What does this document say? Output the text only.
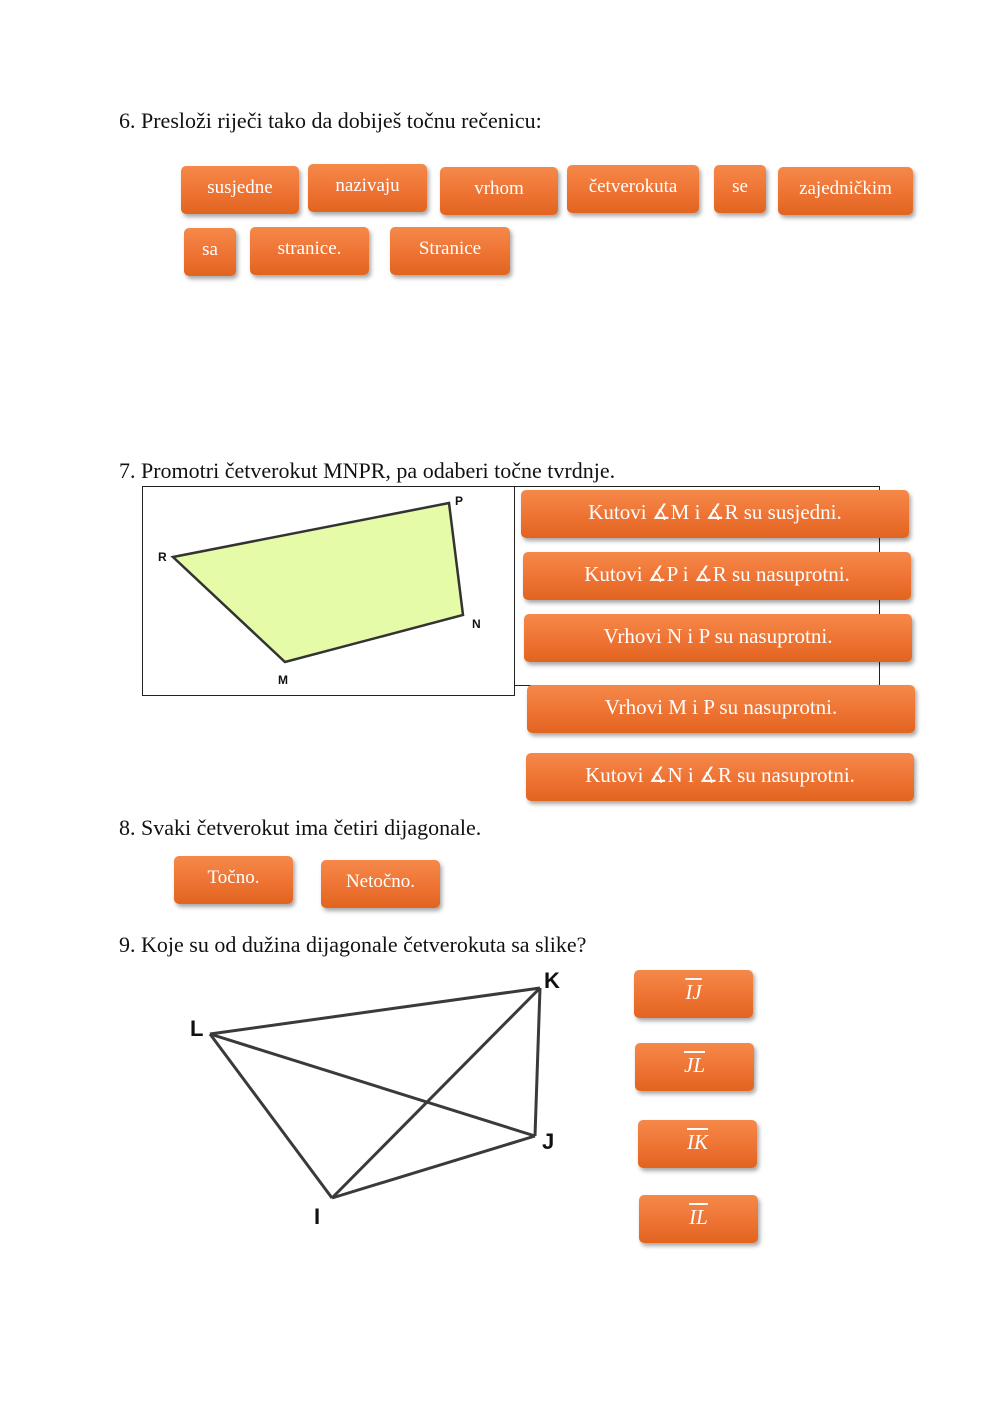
6. Presloži riječi tako da dobiješ točnu rečenicu:
susjedne	nazivaju	vrhom	četverokuta	se	zajedničkim
sa	stranice.	Stranice
7. Promotri četverokut MNPR, pa odaberi točne tvrdnje.
P
R
N
M
Kutovi ∡M i ∡R su susjedni.
Kutovi ∡P i ∡R su nasuprotni.
Vrhovi N i P su nasuprotni.
Vrhovi M i P su nasuprotni.
Kutovi ∡N i ∡R su nasuprotni.
8. Svaki četverokut ima četiri dijagonale.
Točno.	Netočno.
9. Koje su od dužina dijagonale četverokuta sa slike?
K
L
J
I
$\overline{IJ}$
$\overline{JL}$
$\overline{IK}$
$\overline{IL}$
